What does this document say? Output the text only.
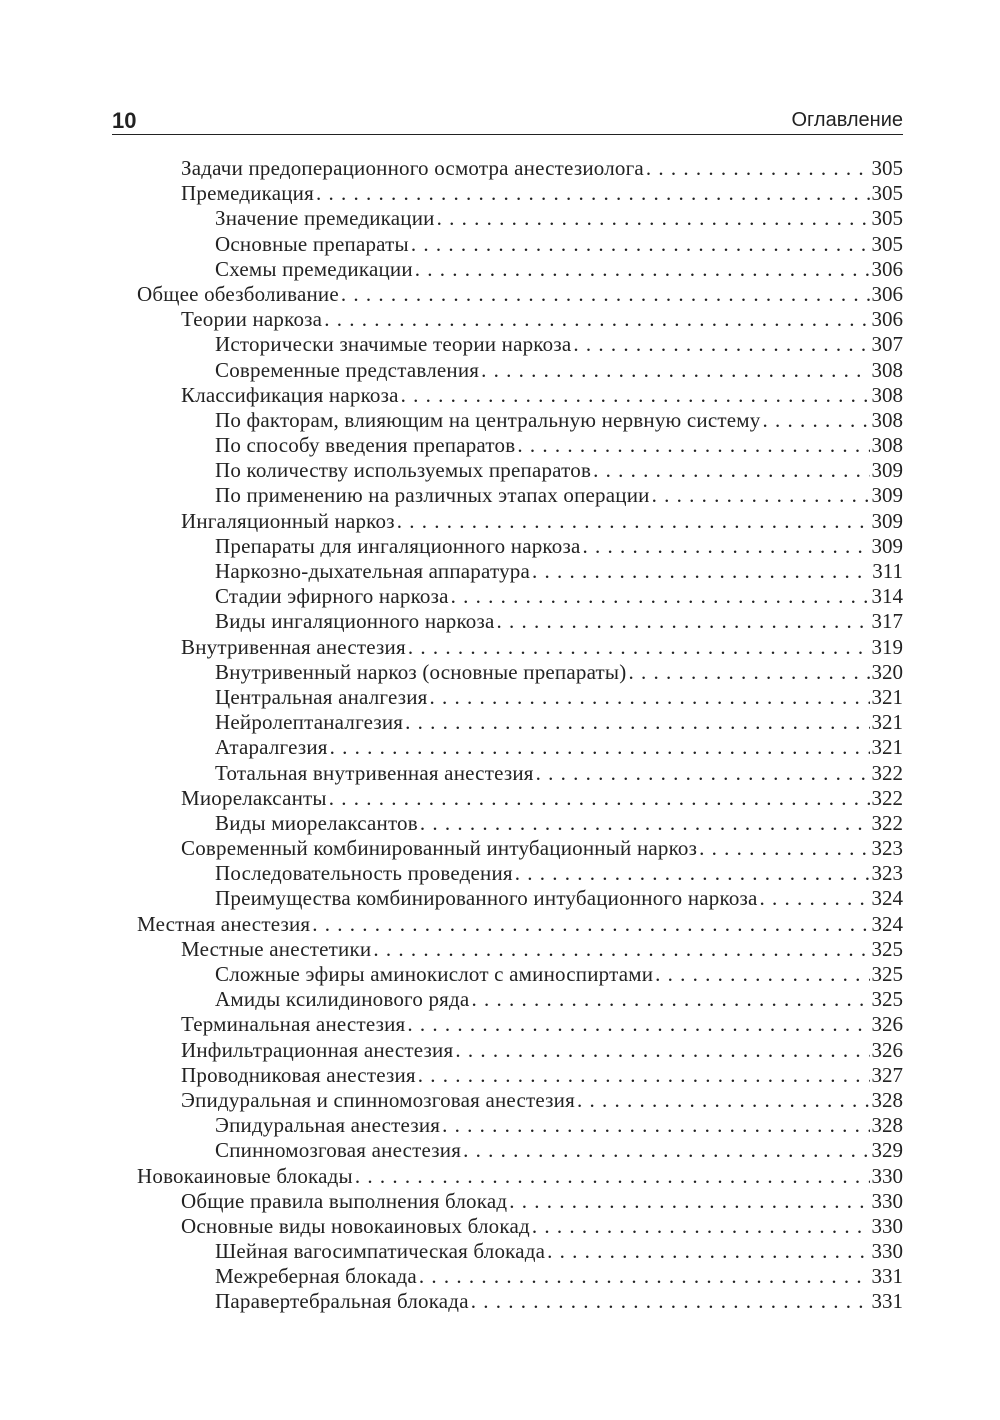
10	Оглавление
Задачи предоперационного осмотра анестезиолога . . .	305
Премедикация . . .	305
Значение премедикации . . .	305
Основные препараты . . .	305
Схемы премедикации . . .	306
Общее обезболивание . . .	306
Теории наркоза . . .	306
Исторически значимые теории наркоза . . .	307
Современные представления . . .	308
Классификация наркоза . . .	308
По факторам, влияющим на центральную нервную систему . . .	308
По способу введения препаратов . . .	308
По количеству используемых препаратов . . .	309
По применению на различных этапах операции . . .	309
Ингаляционный наркоз . . .	309
Препараты для ингаляционного наркоза . . .	309
Наркозно-дыхательная аппаратура . . .	311
Стадии эфирного наркоза . . .	314
Виды ингаляционного наркоза . . .	317
Внутривенная анестезия . . .	319
Внутривенный наркоз (основные препараты) . . .	320
Центральная аналгезия . . .	321
Нейролептаналгезия . . .	321
Атаралгезия . . .	321
Тотальная внутривенная анестезия . . .	322
Миорелаксанты . . .	322
Виды миорелаксантов . . .	322
Современный комбинированный интубационный наркоз . . .	323
Последовательность проведения . . .	323
Преимущества комбинированного интубационного наркоза . . .	324
Местная анестезия . . .	324
Местные анестетики . . .	325
Сложные эфиры аминокислот с аминоспиртами . . .	325
Амиды ксилидинового ряда . . .	325
Терминальная анестезия . . .	326
Инфильтрационная анестезия . . .	326
Проводниковая анестезия . . .	327
Эпидуральная и спинномозговая анестезия . . .	328
Эпидуральная анестезия . . .	328
Спинномозговая анестезия . . .	329
Новокаиновые блокады . . .	330
Общие правила выполнения блокад . . .	330
Основные виды новокаиновых блокад . . .	330
Шейная вагосимпатическая блокада . . .	330
Межреберная блокада . . .	331
Паравертебральная блокада . . .	331
